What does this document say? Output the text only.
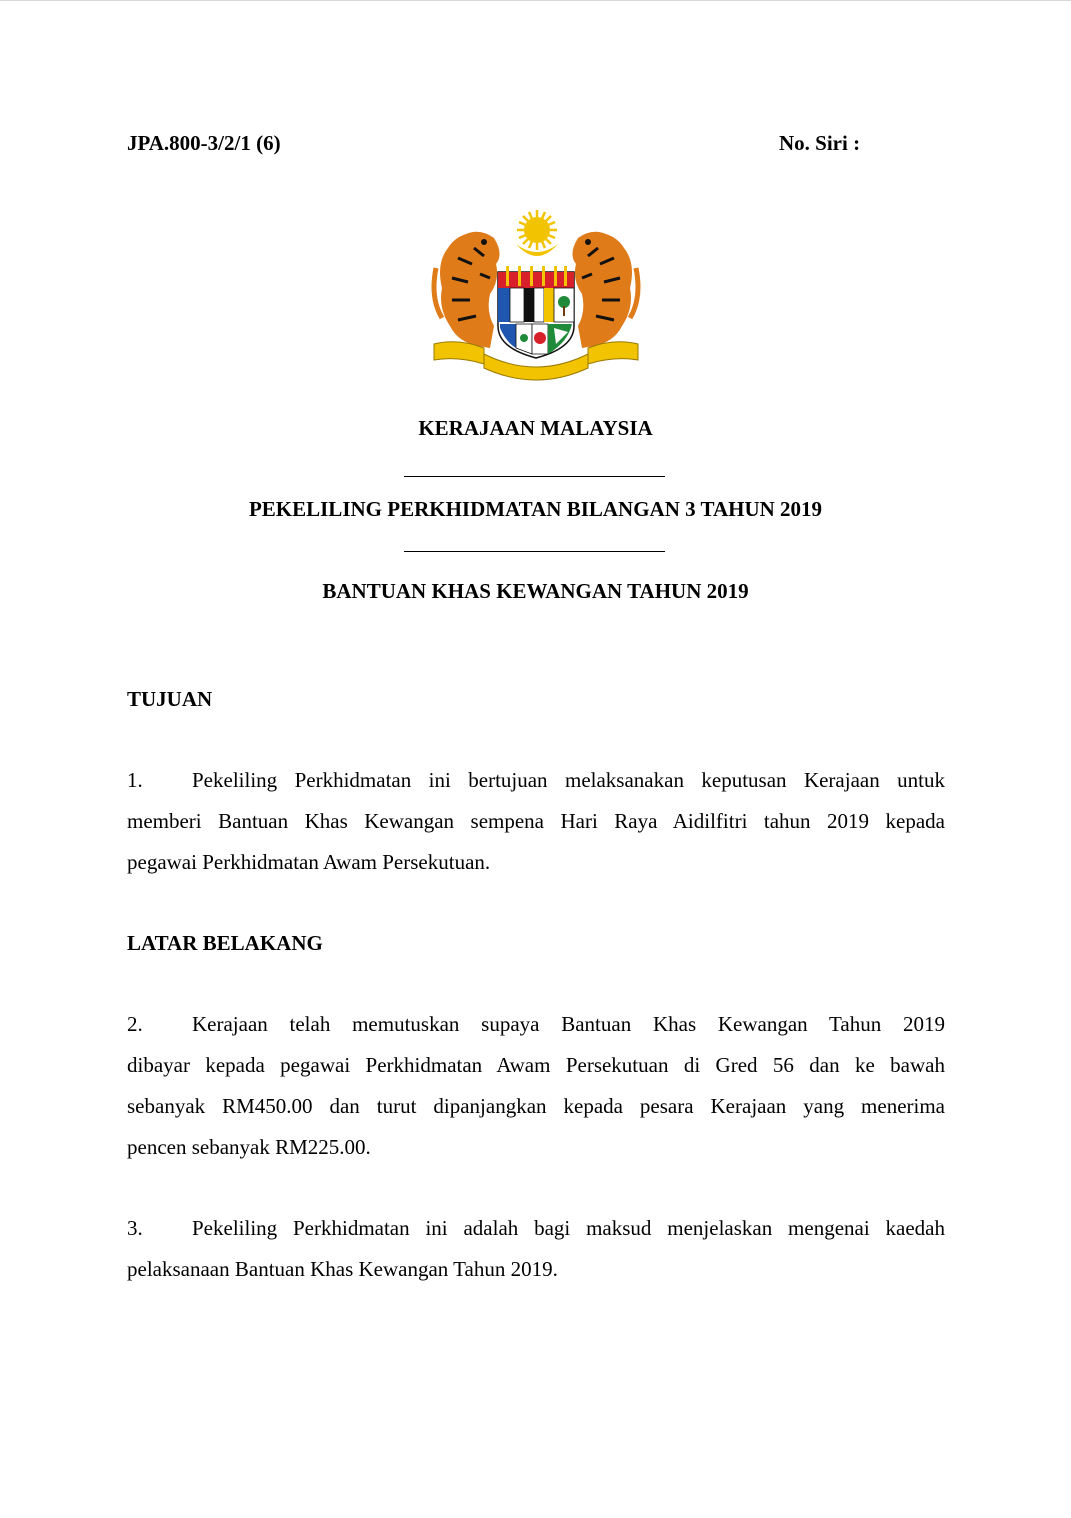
JPA.800-3/2/1 (6)	No. Siri :
KERAJAAN MALAYSIA
PEKELILING PERKHIDMATAN BILANGAN 3 TAHUN 2019
BANTUAN KHAS KEWANGAN TAHUN 2019
TUJUAN
1. Pekeliling Perkhidmatan ini bertujuan melaksanakan keputusan Kerajaan untuk
memberi Bantuan Khas Kewangan sempena Hari Raya Aidilfitri tahun 2019 kepada
pegawai Perkhidmatan Awam Persekutuan.
LATAR BELAKANG
2. Kerajaan telah memutuskan supaya Bantuan Khas Kewangan Tahun 2019
dibayar kepada pegawai Perkhidmatan Awam Persekutuan di Gred 56 dan ke bawah
sebanyak RM450.00 dan turut dipanjangkan kepada pesara Kerajaan yang menerima
pencen sebanyak RM225.00.
3. Pekeliling Perkhidmatan ini adalah bagi maksud menjelaskan mengenai kaedah
pelaksanaan Bantuan Khas Kewangan Tahun 2019.
